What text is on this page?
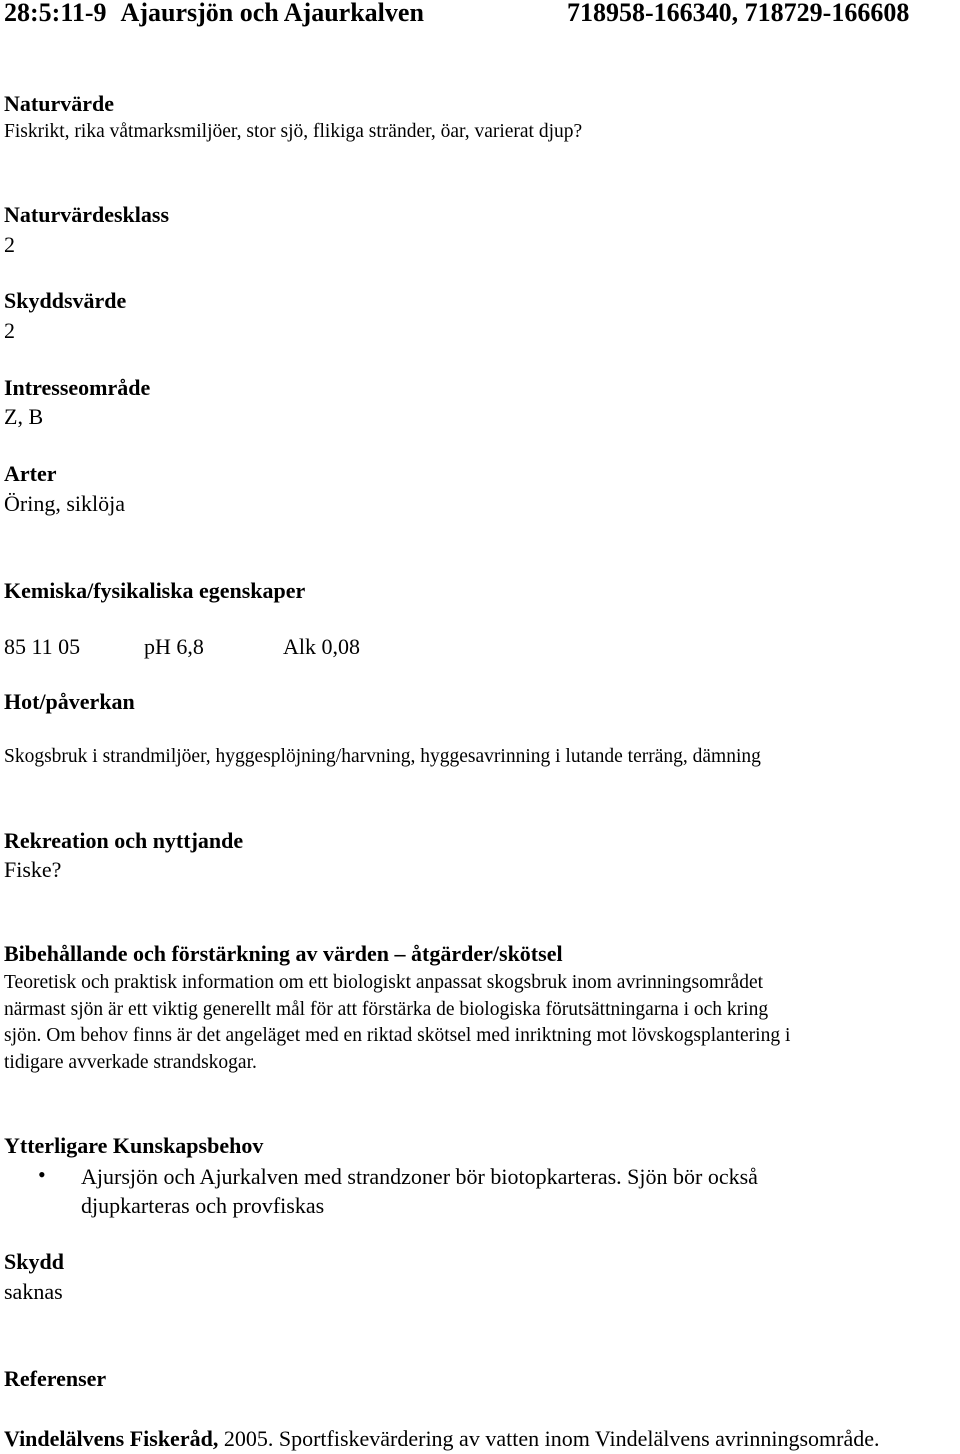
28:5:11-9 Ajaursjön och Ajaurkalven	718958-166340, 718729-166608
Naturvärde
Fiskrikt, rika våtmarksmiljöer, stor sjö, flikiga stränder, öar, varierat djup?
Naturvärdesklass
2
Skyddsvärde
2
Intresseområde
Z, B
Arter
Öring, siklöja
Kemiska/fysikaliska egenskaper
85 11 05	pH 6,8	Alk 0,08
Hot/påverkan
Skogsbruk i strandmiljöer, hyggesplöjning/harvning, hyggesavrinning i lutande terräng, dämning
Rekreation och nyttjande
Fiske?
Bibehållande och förstärkning av värden – åtgärder/skötsel
Teoretisk och praktisk information om ett biologiskt anpassat skogsbruk inom avrinningsområdet
närmast sjön är ett viktig generellt mål för att förstärka de biologiska förutsättningarna i och kring
sjön. Om behov finns är det angeläget med en riktad skötsel med inriktning mot lövskogsplantering i
tidigare avverkade strandskogar.
Ytterligare Kunskapsbehov
• Ajursjön och Ajurkalven med strandzoner bör biotopkarteras. Sjön bör också
djupkarteras och provfiskas
Skydd
saknas
Referenser
Vindelälvens Fiskeråd, 2005. Sportfiskevärdering av vatten inom Vindelälvens avrinningsområde.
